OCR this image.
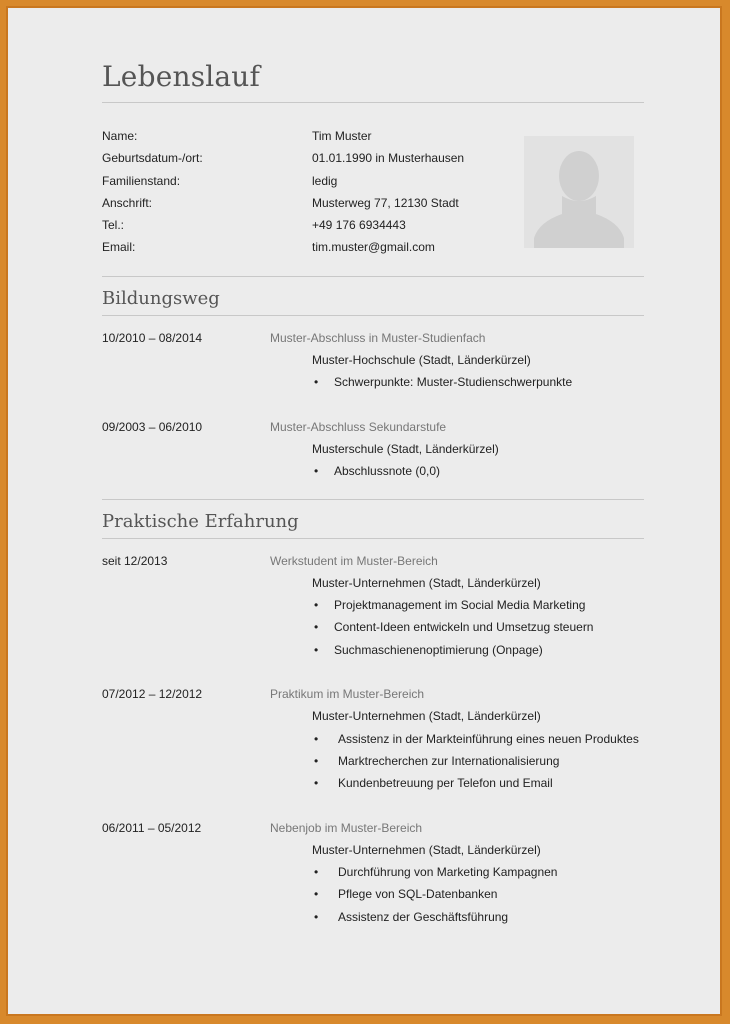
Lebenslauf
Name:	Tim Muster
Geburtsdatum-/ort:	01.01.1990 in Musterhausen
Familienstand:	ledig
Anschrift:	Musterweg 77, 12130 Stadt
Tel.:	+49 176 6934443
Email:	tim.muster@gmail.com
Bildungsweg
10/2010 – 08/2014	Muster-Abschluss in Muster-Studienfach
Muster-Hochschule (Stadt, Länderkürzel)
• Schwerpunkte: Muster-Studienschwerpunkte
09/2003 – 06/2010	Muster-Abschluss Sekundarstufe
Musterschule (Stadt, Länderkürzel)
• Abschlussnote (0,0)
Praktische Erfahrung
seit 12/2013	Werkstudent im Muster-Bereich
Muster-Unternehmen (Stadt, Länderkürzel)
• Projektmanagement im Social Media Marketing
• Content-Ideen entwickeln und Umsetzug steuern
• Suchmaschienenoptimierung (Onpage)
07/2012 – 12/2012	Praktikum im Muster-Bereich
Muster-Unternehmen (Stadt, Länderkürzel)
• Assistenz in der Markteinführung eines neuen Produktes
• Marktrecherchen zur Internationalisierung
• Kundenbetreuung per Telefon und Email
06/2011 – 05/2012	Nebenjob im Muster-Bereich
Muster-Unternehmen (Stadt, Länderkürzel)
• Durchführung von Marketing Kampagnen
• Pflege von SQL-Datenbanken
• Assistenz der Geschäftsführung
